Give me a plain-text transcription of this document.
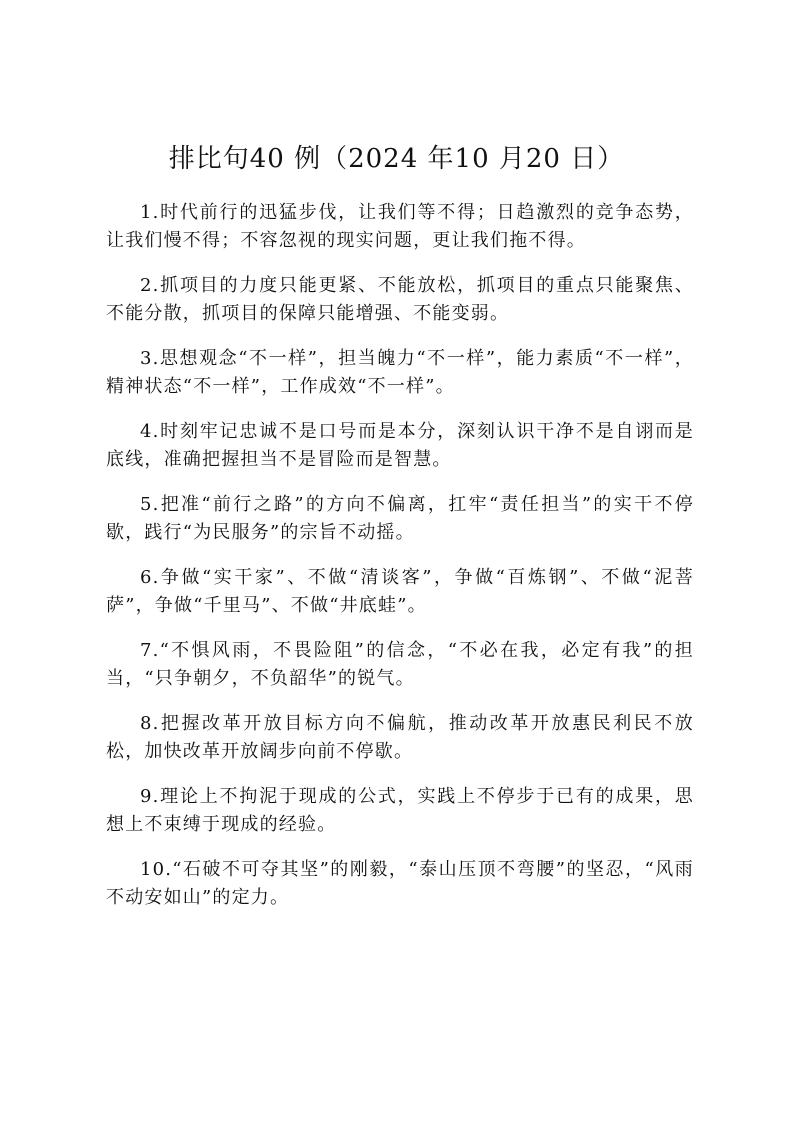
排比句40 例（2024 年10 月20 日）

1.时代前行的迅猛步伐，让我们等不得；日趋激烈的竞争态势，让我们慢不得；不容忽视的现实问题，更让我们拖不得。

2.抓项目的力度只能更紧、不能放松，抓项目的重点只能聚焦、不能分散，抓项目的保障只能增强、不能变弱。

3.思想观念“不一样”，担当魄力“不一样”，能力素质“不一样”，精神状态“不一样”，工作成效“不一样”。

4.时刻牢记忠诚不是口号而是本分，深刻认识干净不是自诩而是底线，准确把握担当不是冒险而是智慧。

5.把准“前行之路”的方向不偏离，扛牢“责任担当”的实干不停歇，践行“为民服务”的宗旨不动摇。

6.争做“实干家”、不做“清谈客”，争做“百炼钢”、不做“泥菩萨”，争做“千里马”、不做“井底蛙”。

7.“不惧风雨，不畏险阻”的信念，“不必在我，必定有我”的担当，“只争朝夕，不负韶华”的锐气。

8.把握改革开放目标方向不偏航，推动改革开放惠民利民不放松，加快改革开放阔步向前不停歇。

9.理论上不拘泥于现成的公式，实践上不停步于已有的成果，思想上不束缚于现成的经验。

10.“石破不可夺其坚”的刚毅，“泰山压顶不弯腰”的坚忍，“风雨不动安如山”的定力。
